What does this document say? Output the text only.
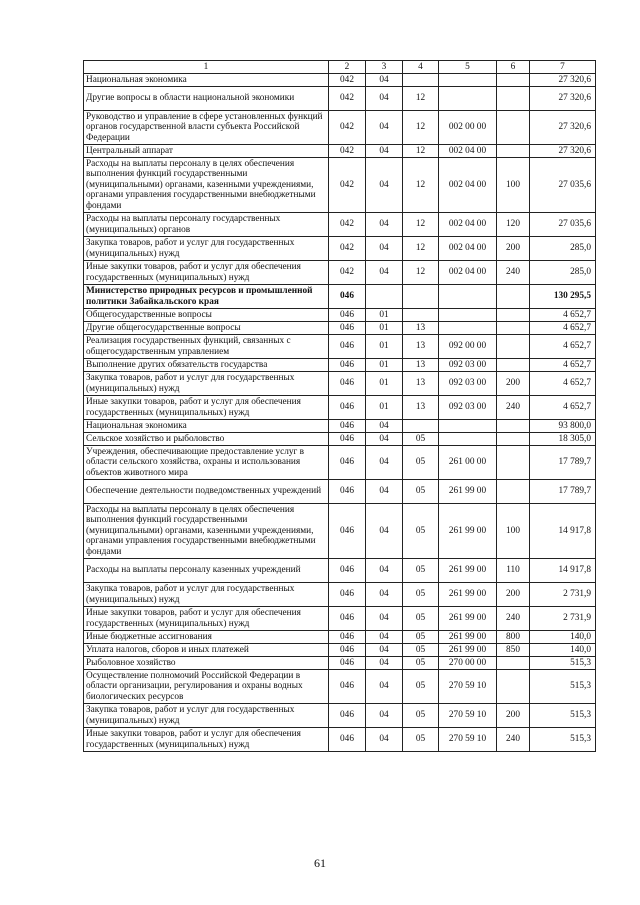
1	2	3	4	5	6	7
Национальная экономика	042	04				27 320,6
Другие вопросы в области национальной экономики	042	04	12			27 320,6
Руководство и управление в сфере установленных функций органов государственной власти субъекта Российской Федерации	042	04	12	002 00 00		27 320,6
Центральный аппарат	042	04	12	002 04 00		27 320,6
Расходы на выплаты персоналу в целях обеспечения выполнения функций государственными (муниципальными) органами, казенными учреждениями, органами управления государственными внебюджетными фондами	042	04	12	002 04 00	100	27 035,6
Расходы на выплаты персоналу государственных (муниципальных) органов	042	04	12	002 04 00	120	27 035,6
Закупка товаров, работ и услуг для государственных (муниципальных) нужд	042	04	12	002 04 00	200	285,0
Иные закупки товаров, работ и услуг для обеспечения государственных (муниципальных) нужд	042	04	12	002 04 00	240	285,0
Министерство природных ресурсов и промышленной политики Забайкальского края	046					130 295,5
Общегосударственные вопросы	046	01				4 652,7
Другие общегосударственные вопросы	046	01	13			4 652,7
Реализация государственных функций, связанных с общегосударственным управлением	046	01	13	092 00 00		4 652,7
Выполнение других обязательств государства	046	01	13	092 03 00		4 652,7
Закупка товаров, работ и услуг для государственных (муниципальных) нужд	046	01	13	092 03 00	200	4 652,7
Иные закупки товаров, работ и услуг для обеспечения государственных (муниципальных) нужд	046	01	13	092 03 00	240	4 652,7
Национальная экономика	046	04				93 800,0
Сельское хозяйство и рыболовство	046	04	05			18 305,0
Учреждения, обеспечивающие предоставление услуг в области сельского хозяйства, охраны и использования объектов животного мира	046	04	05	261 00 00		17 789,7
Обеспечение деятельности подведомственных учреждений	046	04	05	261 99 00		17 789,7
Расходы на выплаты персоналу в целях обеспечения выполнения функций государственными (муниципальными) органами, казенными учреждениями, органами управления государственными внебюджетными фондами	046	04	05	261 99 00	100	14 917,8
Расходы на выплаты персоналу казенных учреждений	046	04	05	261 99 00	110	14 917,8
Закупка товаров, работ и услуг для государственных (муниципальных) нужд	046	04	05	261 99 00	200	2 731,9
Иные закупки товаров, работ и услуг для обеспечения государственных (муниципальных) нужд	046	04	05	261 99 00	240	2 731,9
Иные бюджетные ассигнования	046	04	05	261 99 00	800	140,0
Уплата налогов, сборов и иных платежей	046	04	05	261 99 00	850	140,0
Рыболовное хозяйство	046	04	05	270 00 00		515,3
Осуществление полномочий Российской Федерации в области организации, регулирования и охраны водных биологических ресурсов	046	04	05	270 59 10		515,3
Закупка товаров, работ и услуг для государственных (муниципальных) нужд	046	04	05	270 59 10	200	515,3
Иные закупки товаров, работ и услуг для обеспечения государственных (муниципальных) нужд	046	04	05	270 59 10	240	515,3
61
